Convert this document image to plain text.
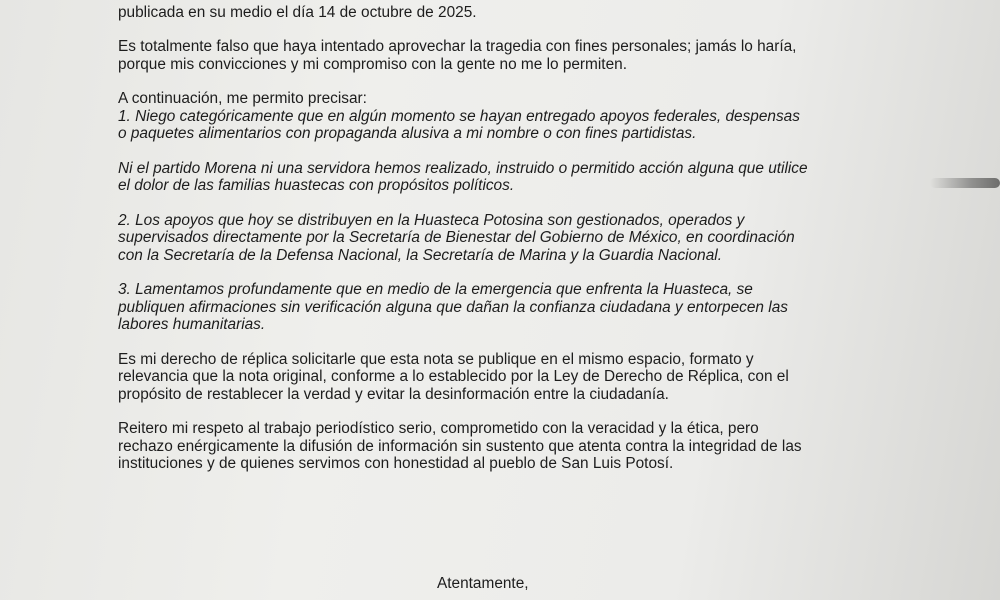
publicada en su medio el día 14 de octubre de 2025.

Es totalmente falso que haya intentado aprovechar la tragedia con fines personales; jamás lo haría,

porque mis convicciones y mi compromiso con la gente no me lo permiten.

A continuación, me permito precisar:

1. Niego categóricamente que en algún momento se hayan entregado apoyos federales, despensas

o paquetes alimentarios con propaganda alusiva a mi nombre o con fines partidistas.

Ni el partido Morena ni una servidora hemos realizado, instruido o permitido acción alguna que utilice

el dolor de las familias huastecas con propósitos políticos.

2. Los apoyos que hoy se distribuyen en la Huasteca Potosina son gestionados, operados y

supervisados directamente por la Secretaría de Bienestar del Gobierno de México, en coordinación

con la Secretaría de la Defensa Nacional, la Secretaría de Marina y la Guardia Nacional.

3. Lamentamos profundamente que en medio de la emergencia que enfrenta la Huasteca, se

publiquen afirmaciones sin verificación alguna que dañan la confianza ciudadana y entorpecen las

labores humanitarias.

Es mi derecho de réplica solicitarle que esta nota se publique en el mismo espacio, formato y

relevancia que la nota original, conforme a lo establecido por la Ley de Derecho de Réplica, con el

propósito de restablecer la verdad y evitar la desinformación entre la ciudadanía.

Reitero mi respeto al trabajo periodístico serio, comprometido con la veracidad y la ética, pero

rechazo enérgicamente la difusión de información sin sustento que atenta contra la integridad de las

instituciones y de quienes servimos con honestidad al pueblo de San Luis Potosí.

Atentamente,
